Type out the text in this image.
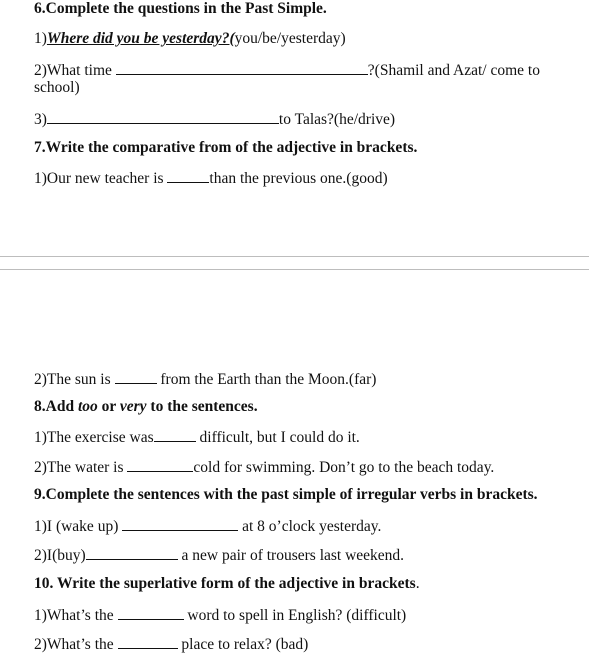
6.Complete the questions in the Past Simple.
1)Where did you be yesterday?(you/be/yesterday)
2)What time	?(Shamil and Azat/ come to
school)
3)	to Talas?(he/drive)
7.Write the comparative from of the adjective in brackets.
1)Our new teacher is	than the previous one.(good)
2)The sun is	from the Earth than the Moon.(far)
8.Add too or very to the sentences.
1)The exercise was	difficult, but I could do it.
2)The water is	cold for swimming. Don’t go to the beach today.
9.Complete the sentences with the past simple of irregular verbs in brackets.
1)I (wake up)	at 8 o’clock yesterday.
2)I(buy)	a new pair of trousers last weekend.
10. Write the superlative form of the adjective in brackets.
1)What’s the	word to spell in English? (difficult)
2)What’s the	place to relax? (bad)
